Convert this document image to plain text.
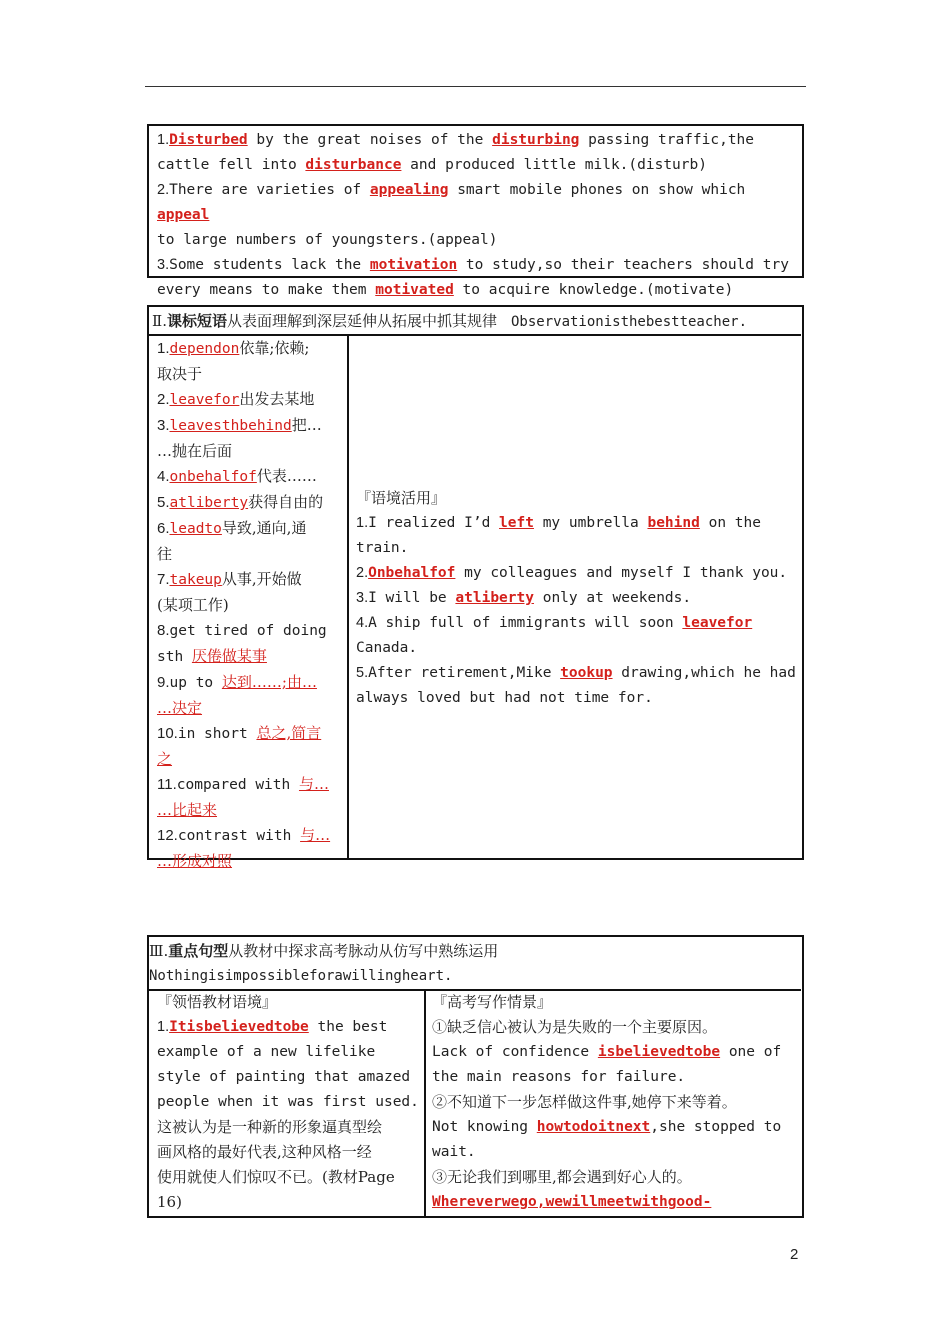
1.Disturbed by the great noises of the disturbing passing traffic,the

cattle fell into disturbance and produced little milk.(disturb)

2.There are varieties of appealing smart mobile phones on show which appeal

to large numbers of youngsters.(appeal)

3.Some students lack the motivation to study,so their teachers should try

every means to make them motivated to acquire knowledge.(motivate)

Ⅱ.课标短语从表面理解到深层延伸从拓展中抓其规律 Observationisthebestteacher.

1.dependon依靠;依赖;

取决于

2.leavefor出发去某地

3.leavesthbehind把…

…抛在后面

4.onbehalfof代表……

5.atliberty获得自由的

6.leadto导致,通向,通

往

7.takeup从事,开始做

(某项工作)

8.get tired of doing

sth 厌倦做某事

9.up to 达到……;由…

…决定

10.in short 总之,简言

之

11.compared with 与…

…比起来

12.contrast with 与…

…形成对照

『语境活用』

1.I realized I’d left my umbrella behind on the

train.

2.Onbehalfof my colleagues and myself I thank you.

3.I will be atliberty only at weekends.

4.A ship full of immigrants will soon leavefor

Canada.

5.After retirement,Mike tookup drawing,which he had

always loved but had not time for.

Ⅲ.重点句型从教材中探求高考脉动从仿写中熟练运用

Nothingisimpossibleforawillingheart.

『领悟教材语境』

1.Itisbelievedtobe the best

example of a new lifelike

style of painting that amazed

people when it was first used.

这被认为是一种新的形象逼真型绘

画风格的最好代表,这种风格一经

使用就使人们惊叹不已。(教材Page

16)

『高考写作情景』

①缺乏信心被认为是失败的一个主要原因。

Lack of confidence isbelievedtobe one of

the main reasons for failure.

②不知道下一步怎样做这件事,她停下来等着。

Not knowing howtodoitnext,she stopped to

wait.

③无论我们到哪里,都会遇到好心人的。

Whereverwego,wewillmeetwithgood-

2
